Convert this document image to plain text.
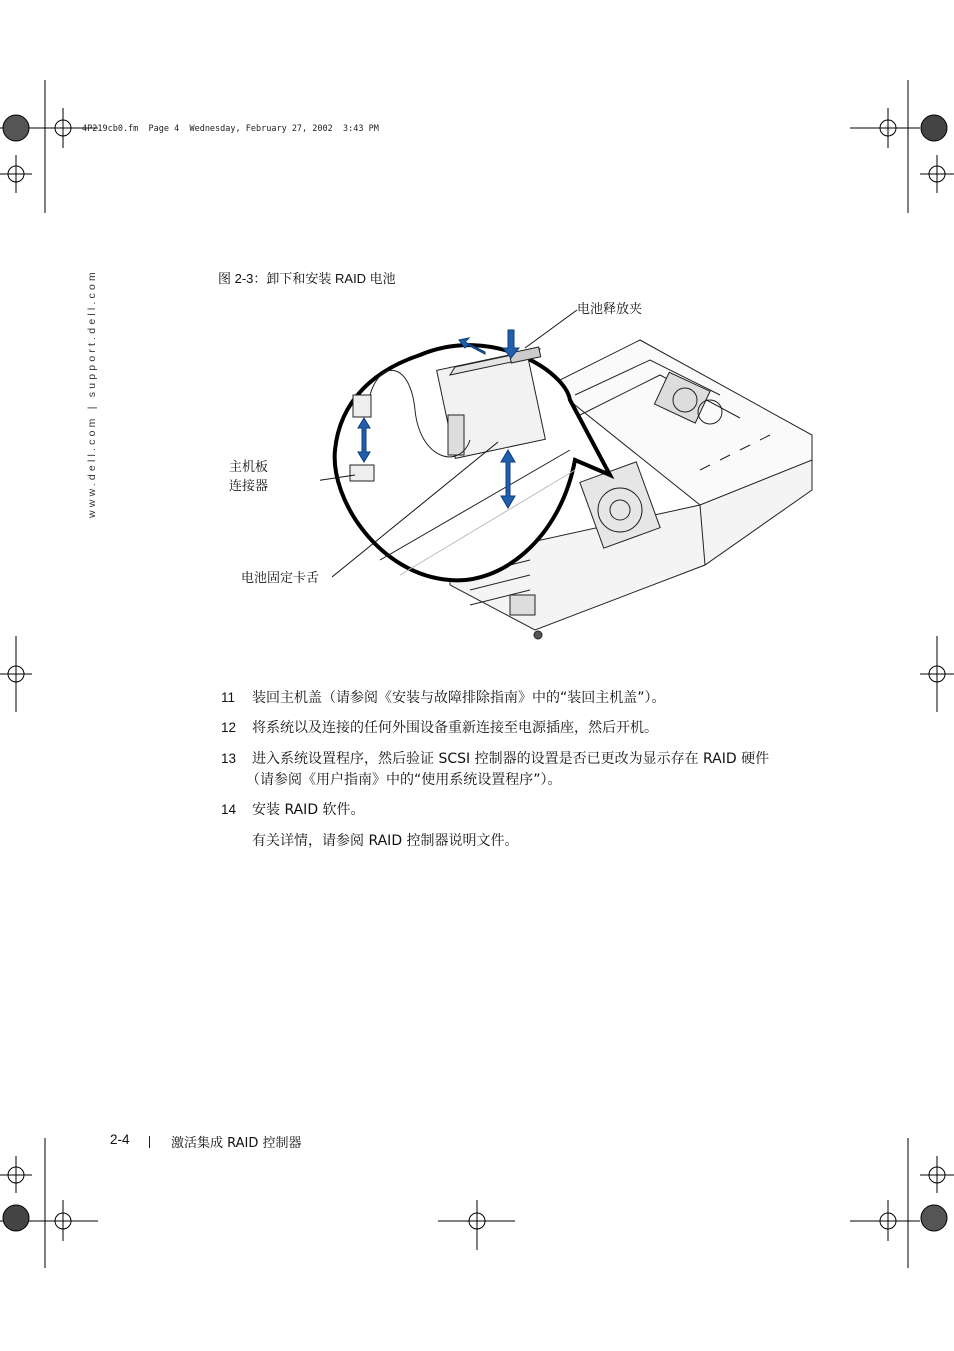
4P219cb0.fm  Page 4  Wednesday, February 27, 2002  3:43 PM
www.dell.com | support.dell.com	图 2-3：卸下和安装 RAID 电池
电池释放夹
主机板
连接器
电池固定卡舌
11 装回主机盖（请参阅《安装与故障排除指南》中的“装回主机盖”）。
12 将系统以及连接的任何外围设备重新连接至电源插座，然后开机。
13 进入系统设置程序，然后验证 SCSI 控制器的设置是否已更改为显示存在 RAID 硬件
（请参阅《用户指南》中的“使用系统设置程序”）。
14 安装 RAID 软件。
有关详情，请参阅 RAID 控制器说明文件。
2-4	激活集成 RAID 控制器
